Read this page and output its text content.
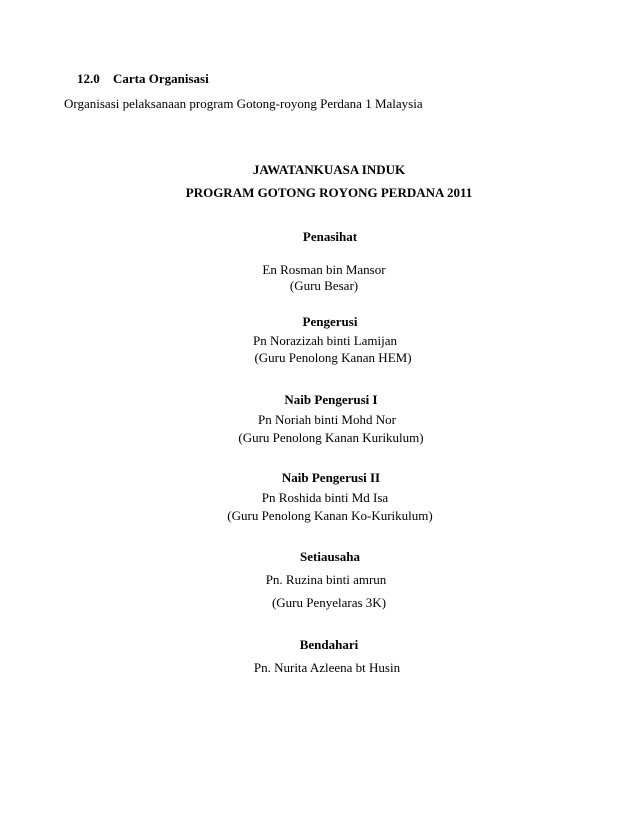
12.0 Carta Organisasi
Organisasi pelaksanaan program Gotong-royong Perdana 1 Malaysia
JAWATANKUASA INDUK
PROGRAM GOTONG ROYONG PERDANA 2011
Penasihat
En Rosman bin Mansor
(Guru Besar)
Pengerusi
Pn Norazizah binti Lamijan
(Guru Penolong Kanan HEM)
Naib Pengerusi I
Pn Noriah binti Mohd Nor
(Guru Penolong Kanan Kurikulum)
Naib Pengerusi II
Pn Roshida binti Md Isa
(Guru Penolong Kanan Ko-Kurikulum)
Setiausaha
Pn. Ruzina binti amrun
(Guru Penyelaras 3K)
Bendahari
Pn. Nurita Azleena bt Husin
